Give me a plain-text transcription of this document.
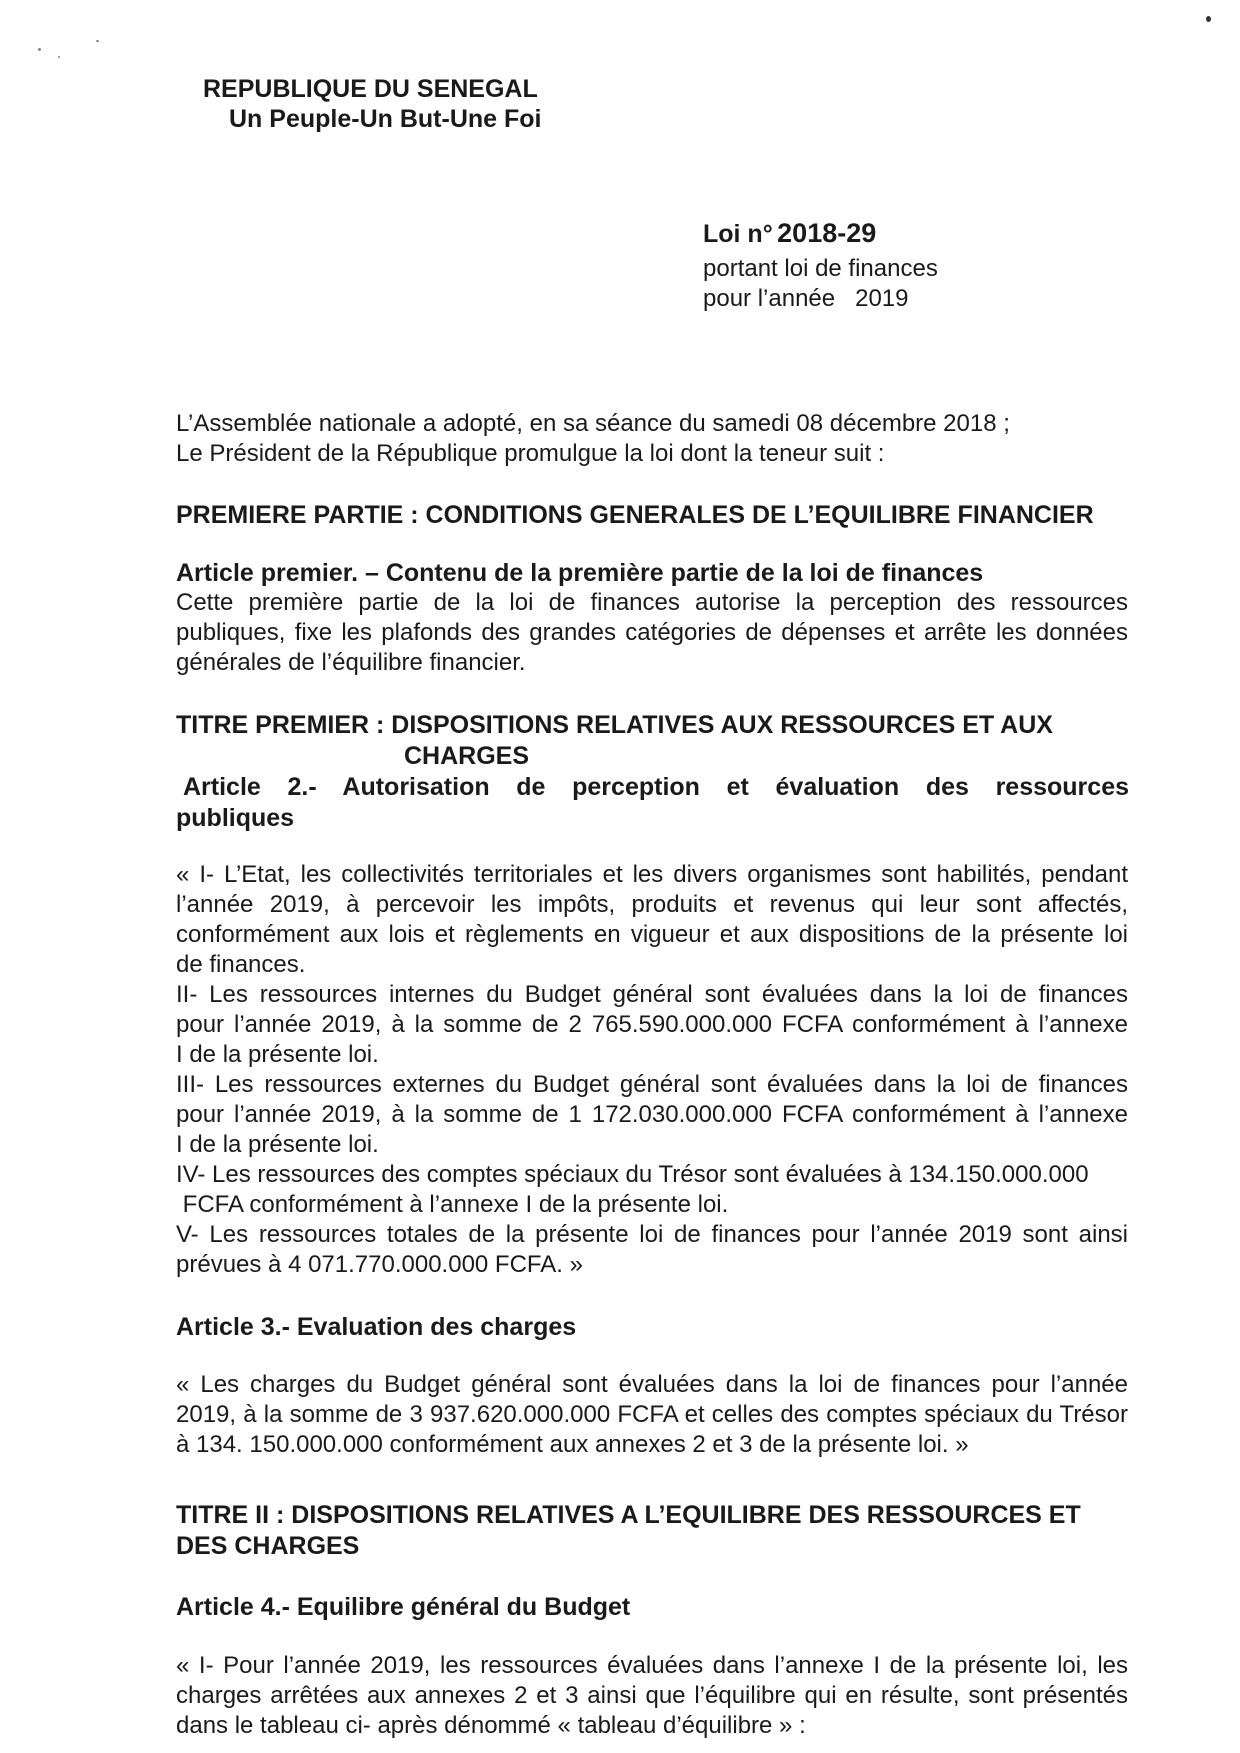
REPUBLIQUE DU SENEGAL
Un Peuple-Un But-Une Foi
Loi n° 2018-29
portant loi de finances
pour l’année   2019
L’Assemblée nationale a adopté, en sa séance du samedi 08 décembre 2018 ;
Le Président de la République promulgue la loi dont la teneur suit :
PREMIERE PARTIE : CONDITIONS GENERALES DE L’EQUILIBRE FINANCIER
Article premier. – Contenu de la première partie de la loi de finances
Cette première partie de la loi de finances autorise la perception des ressources
publiques, fixe les plafonds des grandes catégories de dépenses et arrête les données
générales de l’équilibre financier.
TITRE PREMIER : DISPOSITIONS RELATIVES AUX RESSOURCES ET AUX
CHARGES
Article 2.- Autorisation de perception et évaluation des ressources
publiques
« I- L’Etat, les collectivités territoriales et les divers organismes sont habilités, pendant
l’année 2019, à percevoir les impôts, produits et revenus qui leur sont affectés,
conformément aux lois et règlements en vigueur et aux dispositions de la présente loi
de finances.
II- Les ressources internes du Budget général sont évaluées dans la loi de finances
pour l’année 2019, à la somme de 2 765.590.000.000 FCFA conformément à l’annexe
I de la présente loi.
III- Les ressources externes du Budget général sont évaluées dans la loi de finances
pour l’année 2019, à la somme de 1 172.030.000.000 FCFA conformément à l’annexe
I de la présente loi.
IV- Les ressources des comptes spéciaux du Trésor sont évaluées à 134.150.000.000
FCFA conformément à l’annexe I de la présente loi.
V- Les ressources totales de la présente loi de finances pour l’année 2019 sont ainsi
prévues à 4 071.770.000.000 FCFA. »
Article 3.- Evaluation des charges
« Les charges du Budget général sont évaluées dans la loi de finances pour l’année
2019, à la somme de 3 937.620.000.000 FCFA et celles des comptes spéciaux du Trésor
à 134. 150.000.000 conformément aux annexes 2 et 3 de la présente loi. »
TITRE II : DISPOSITIONS RELATIVES A L’EQUILIBRE DES RESSOURCES ET
DES CHARGES
Article 4.- Equilibre général du Budget
« I- Pour l’année 2019, les ressources évaluées dans l’annexe I de la présente loi, les
charges arrêtées aux annexes 2 et 3 ainsi que l’équilibre qui en résulte, sont présentés
dans le tableau ci- après dénommé « tableau d’équilibre » :
